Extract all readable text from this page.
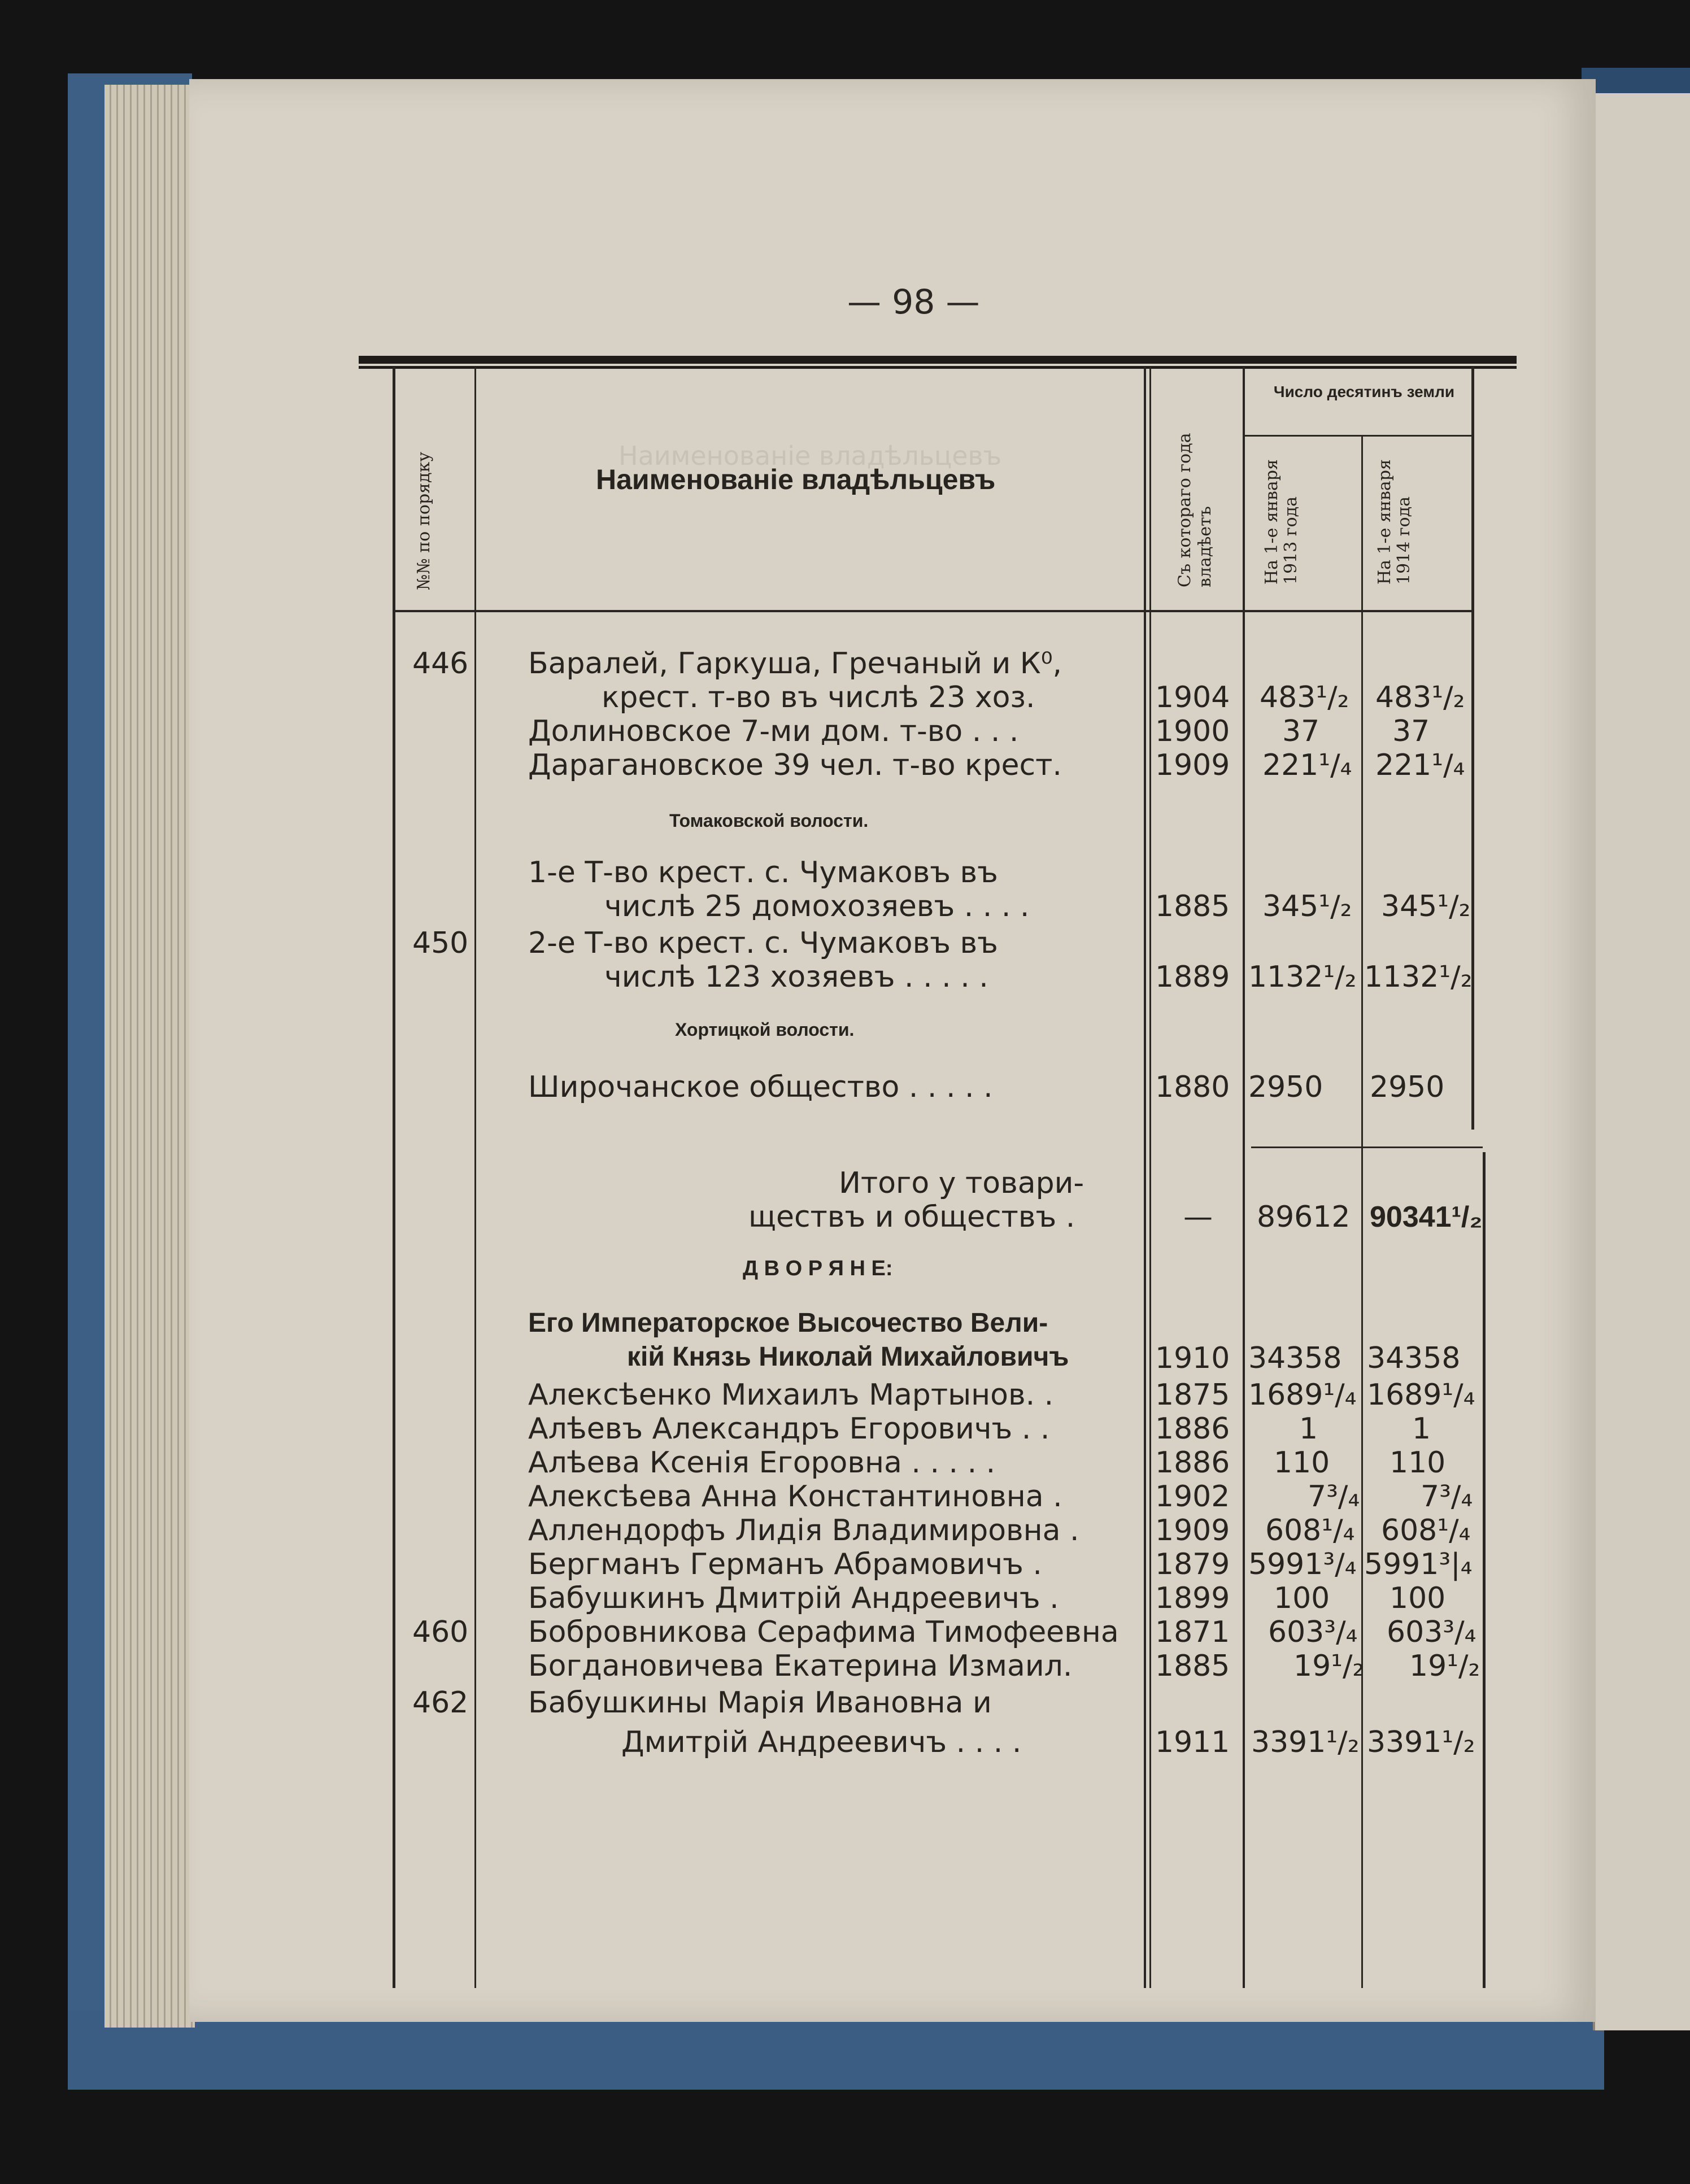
Наименованіе владѣльцевъ
— 98 —
№№ по порядку	Наименованіе владѣльцевъ	Съ котораго года владѣетъ
Число десятинъ земли
На 1-е января 1913 года	На 1-е января 1914 года
446 Баралей, Гаркуша, Гречаный и К⁰,
крест. т-во въ числѣ 23 хоз.	1904 483¹/₂ 483¹/₂
Долиновское 7-ми дом. т-во . . .	1900 37 37
Дарагановское 39 чел. т-во крест.	1909 221¹/₄ 221¹/₄
Томаковской волости.
1-е Т-во крест. с. Чумаковъ въ
числѣ 25 домохозяевъ . . . .	1885 345¹/₂ 345¹/₂
450 2-е Т-во крест. с. Чумаковъ въ
числѣ 123 хозяевъ . . . . .	1889 1132¹/₂ 1132¹/₂
Хортицкой волости.
Широчанское общество . . . . .	1880 2950 2950
Итого у товари-
ществъ и обществъ .	— 89612 90341¹/₂
Д В О Р Я Н Е:
Его Императорское Высочество Вели-
кій Князь Николай Михайловичъ	1910 34358 34358
Алексѣенко Михаилъ Мартынов. .	1875 1689¹/₄ 1689¹/₄
Алѣевъ Александръ Егоровичъ . .	1886 1	1
Алѣева Ксенія Егоровна . . . . .	1886 110 110
Алексѣева Анна Константиновна .	1902	7³/₄ 7³/₄
Аллендорфъ Лидія Владимировна .	1909 608¹/₄ 608¹/₄
Бергманъ Германъ Абрамовичъ .	1879 5991³/₄ 5991³|₄
Бабушкинъ Дмитрій Андреевичъ .	1899 100 100
460 Бобровникова Серафима Тимофеевна 1871 603³/₄ 603³/₄
Богдановичева Екатерина Измаил.	1885 19¹/₂ 19¹/₂
462 Бабушкины Марія Ивановна и
Дмитрій Андреевичъ . . . .	1911 3391¹/₂ 3391¹/₂
